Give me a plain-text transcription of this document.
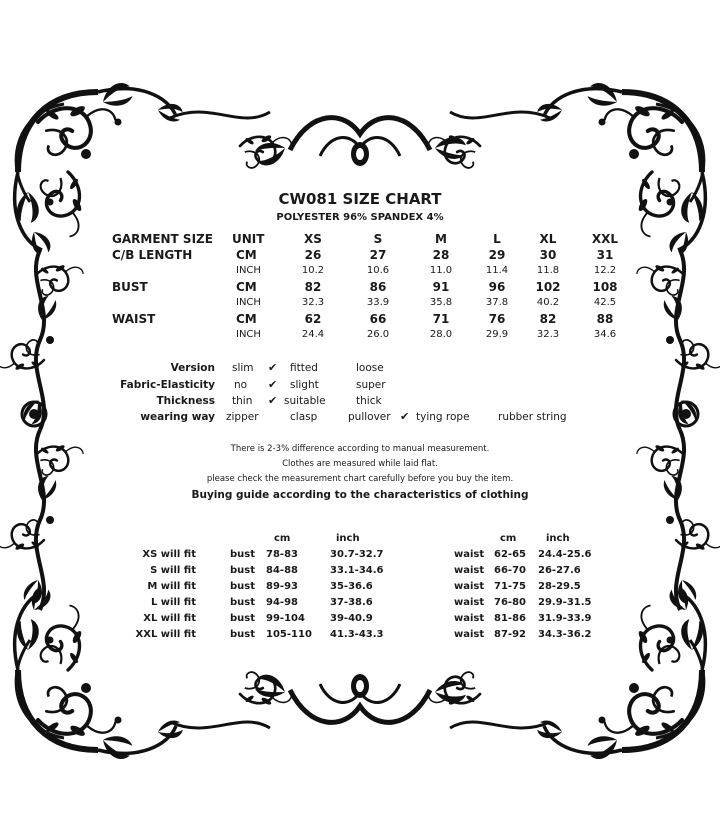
CW081 SIZE CHART
POLYESTER 96% SPANDEX 4%
GARMENT SIZE UNIT	XS	S	M	L	XL	XXL
C/B LENGTH	CM	26	27	28	29	30	31
INCH	10.2	10.6	11.0	11.4	11.8	12.2
BUST	CM	82	86	91	96	102	108
INCH	32.3	33.9	35.8	37.8	40.2	42.5
WAIST	CM	62	66	71	76	82	88
INCH	24.4	26.0	28.0	29.9	32.3	34.6
Version slim ✔ fitted	loose
Fabric-Elasticity no ✔ slight	super
Thickness thin ✔ suitable	thick
wearing way zipper	clasp	pullover ✔ tying rope	rubber string
There is 2-3% difference according to manual measurement.
Clothes are measured while laid flat.
please check the measurement chart carefully before you buy the item.
Buying guide according to the characteristics of clothing
cm	inch	cm	inch
XS will fit	bust 78-83	30.7-32.7	waist 62-65 24.4-25.6
S will fit	bust 84-88	33.1-34.6	waist 66-70 26-27.6
M will fit	bust 89-93	35-36.6	waist 71-75 28-29.5
L will fit	bust 94-98	37-38.6	waist 76-80 29.9-31.5
XL will fit	bust 99-104	39-40.9	waist 81-86 31.9-33.9
XXL will fit	bust 105-110 41.3-43.3	waist 87-92 34.3-36.2
